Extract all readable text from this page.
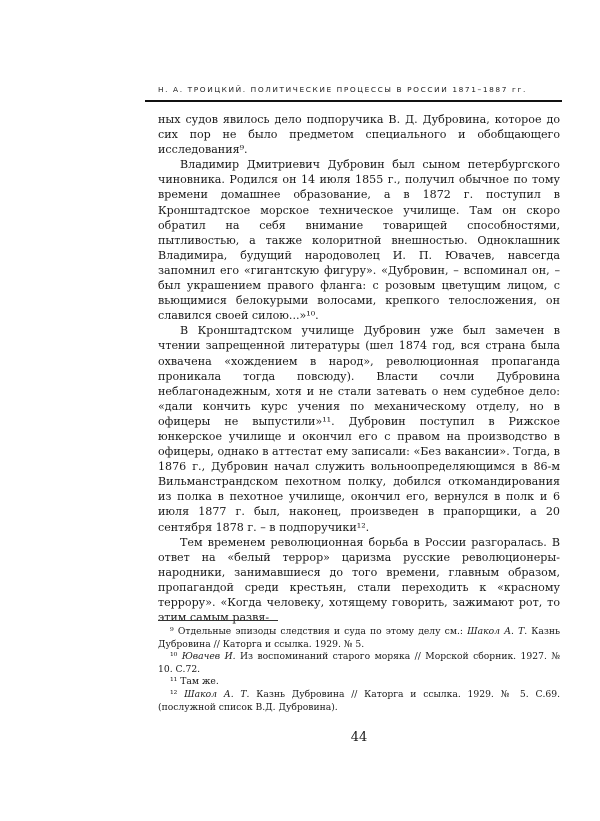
Н. А. ТРОИЦКИЙ. ПОЛИТИЧЕСКИЕ ПРОЦЕССЫ В РОССИИ 1871–1887 гг.

ных судов явилось дело подпоручика В. Д. Дубровина, которое до сих пор не было предметом специального и обобщающего исследования⁹.

Владимир Дмитриевич Дубровин был сыном петербургского чиновника. Родился он 14 июля 1855 г., получил обычное по тому времени домашнее образование, а в 1872 г. поступил в Кронштадтское морское техническое училище. Там он скоро обратил на себя внимание товарищей способностями, пытливостью, а также колоритной внешностью. Одноклашник Владимира, будущий народоволец И. П. Ювачев, навсегда запомнил его «гигантскую фигуру». «Дубровин, – вспоминал он, – был украшением правого фланга: с розовым цветущим лицом, с вьющимися белокурыми волосами, крепкого телосложения, он славился своей силою...»¹⁰.

В Кронштадтском училище Дубровин уже был замечен в чтении запрещенной литературы (шел 1874 год, вся страна была охвачена «хождением в народ», революционная пропаганда проникала тогда повсюду). Власти сочли Дубровина неблагонадежным, хотя и не стали затевать о нем судебное дело: «дали кончить курс учения по механическому отделу, но в офицеры не выпустили»¹¹. Дубровин поступил в Рижское юнкерское училище и окончил его с правом на производство в офицеры, однако в аттестат ему записали: «Без вакансии». Тогда, в 1876 г., Дубровин начал служить вольноопределяющимся в 86-м Вильманстрандском пехотном полку, добился откомандирования из полка в пехотное училище, окончил его, вернулся в полк и 6 июля 1877 г. был, наконец, произведен в прапорщики, а 20 сентября 1878 г. – в подпоручики¹².

Тем временем революционная борьба в России разгоралась. В ответ на «белый террор» царизма русские революционеры-народники, занимавшиеся до того времени, главным образом, пропагандой среди крестьян, стали переходить к «красному террору». «Когда человеку, хотящему говорить, зажимают рот, то этим самым развя-

⁹ Отдельные эпизоды следствия и суда по этому делу см.: Шакол А. Т. Казнь Дубровина // Каторга и ссылка. 1929. № 5.

¹⁰ Ювачев И. Из воспоминаний старого моряка // Морской сборник. 1927. № 10. С.72.

¹¹ Там же.

¹² Шакол А. Т. Казнь Дубровина // Каторга и ссылка. 1929. № 5. С.69. (послужной список В.Д. Дубровина).

44
